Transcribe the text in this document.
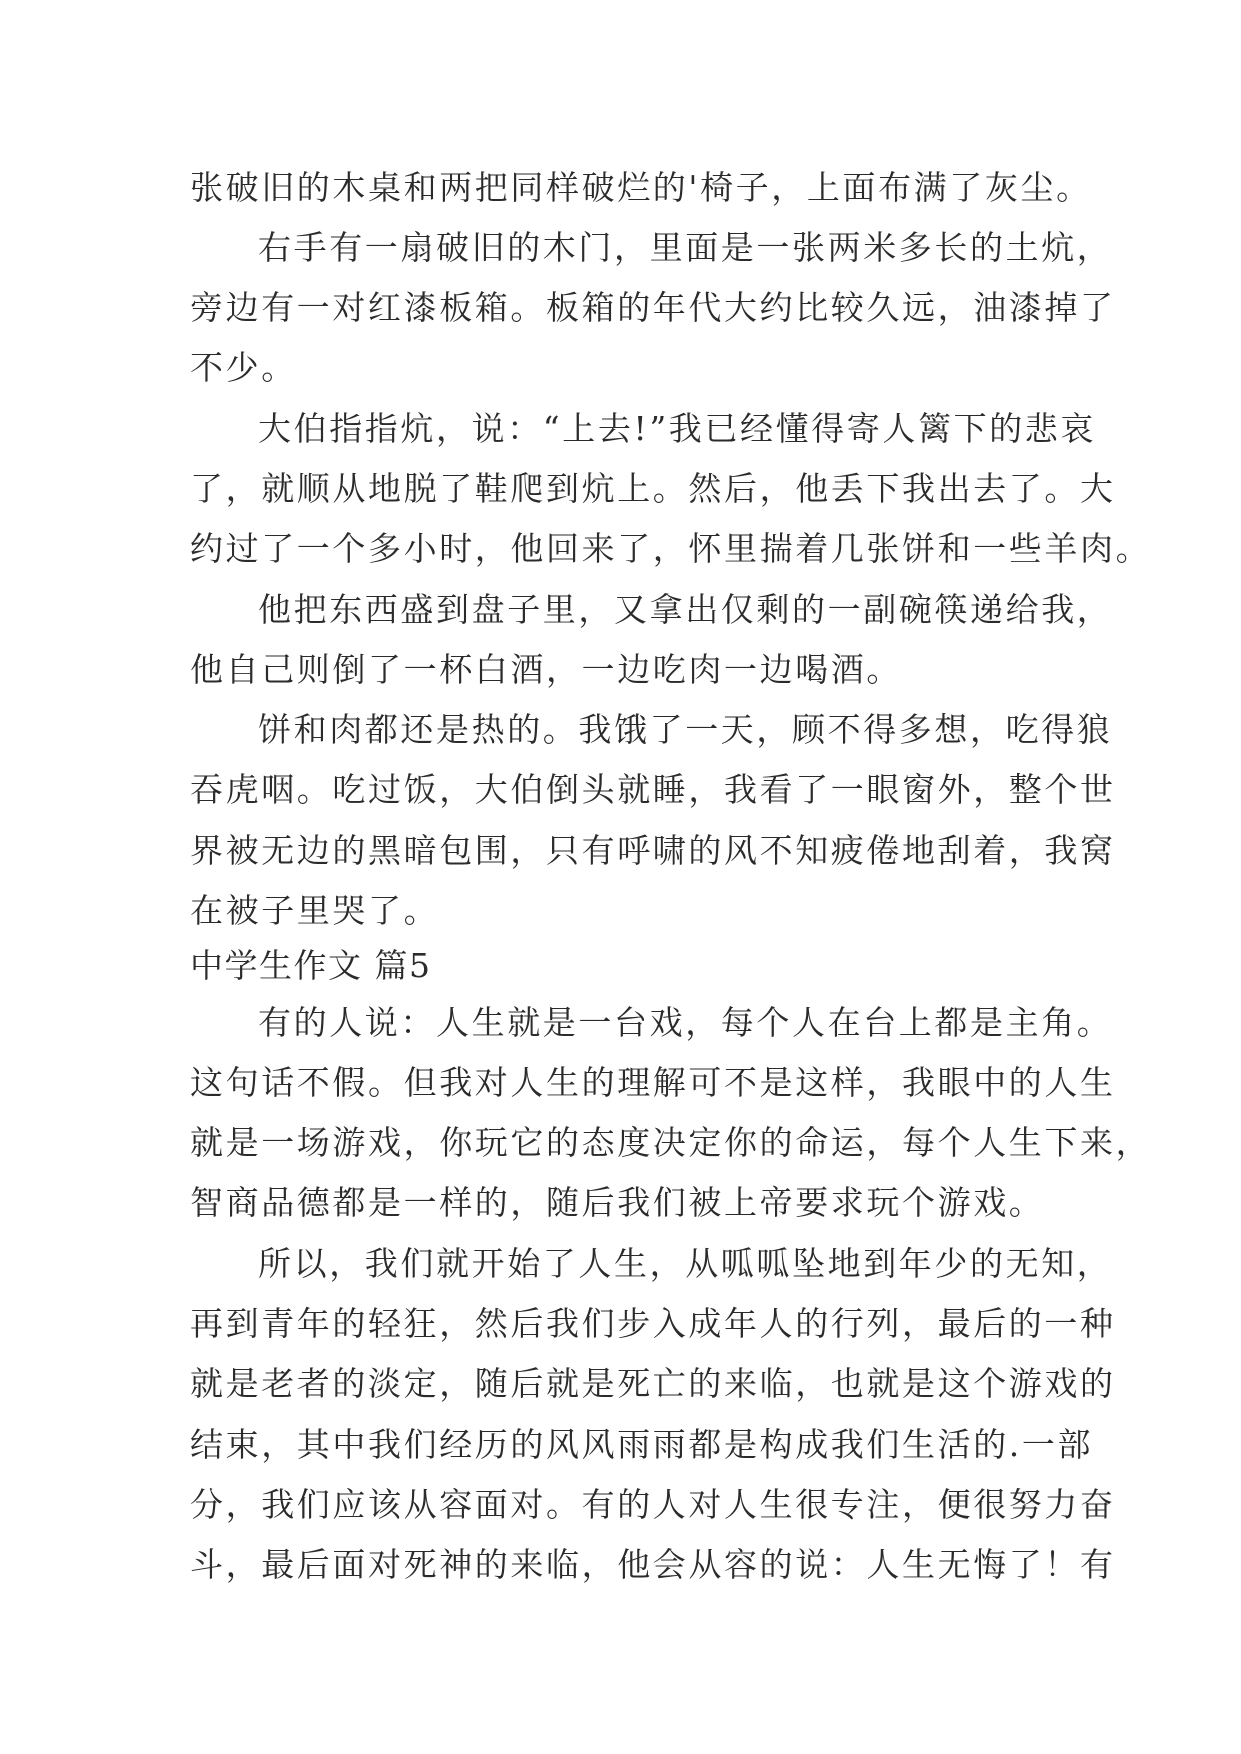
张破旧的木桌和两把同样破烂的'椅子，上面布满了灰尘。
右手有一扇破旧的木门，里面是一张两米多长的土炕，
旁边有一对红漆板箱。板箱的年代大约比较久远，油漆掉了
不少。
大伯指指炕，说：“上去!”我已经懂得寄人篱下的悲哀
了，就顺从地脱了鞋爬到炕上。然后，他丢下我出去了。大
约过了一个多小时，他回来了，怀里揣着几张饼和一些羊肉。
他把东西盛到盘子里，又拿出仅剩的一副碗筷递给我，
他自己则倒了一杯白酒，一边吃肉一边喝酒。
饼和肉都还是热的。我饿了一天，顾不得多想，吃得狼
吞虎咽。吃过饭，大伯倒头就睡，我看了一眼窗外，整个世
界被无边的黑暗包围，只有呼啸的风不知疲倦地刮着，我窝
在被子里哭了。
中学生作文 篇5
有的人说：人生就是一台戏，每个人在台上都是主角。
这句话不假。但我对人生的理解可不是这样，我眼中的人生
就是一场游戏，你玩它的态度决定你的命运，每个人生下来，
智商品德都是一样的，随后我们被上帝要求玩个游戏。
所以，我们就开始了人生，从呱呱坠地到年少的无知，
再到青年的轻狂，然后我们步入成年人的行列，最后的一种
就是老者的淡定，随后就是死亡的来临，也就是这个游戏的
结束，其中我们经历的风风雨雨都是构成我们生活的.一部
分，我们应该从容面对。有的人对人生很专注，便很努力奋
斗，最后面对死神的来临，他会从容的说：人生无悔了！有
